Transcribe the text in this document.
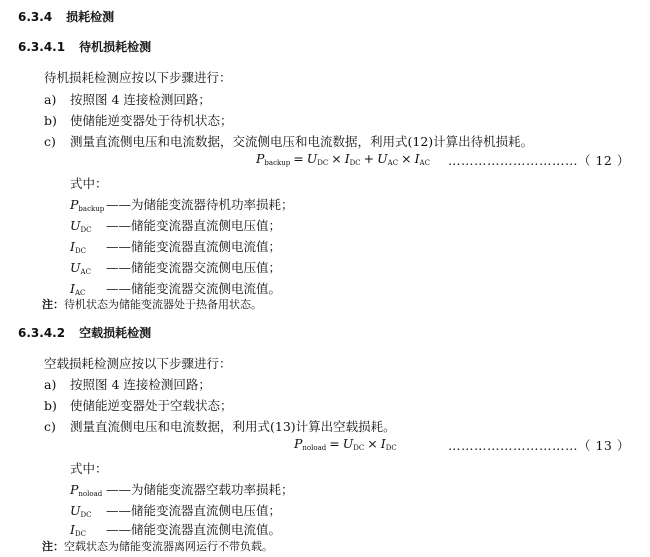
6.3.4 损耗检测
6.3.4.1 待机损耗检测
待机损耗检测应按以下步骤进行：
a) 按照图 4 连接检测回路；
b) 使储能逆变器处于待机状态；
c) 测量直流侧电压和电流数据，交流侧电压和电流数据，利用式(12)计算出待机损耗。
$P_{backup} = U_{DC} \times I_{DC} + U_{AC} \times I_{AC}$ …………………………（ 12 ）
式中：
$P_{backup}$ ——为储能变流器待机功率损耗；
$U_{DC}$ ——储能变流器直流侧电压值；
$I_{DC}$ ——储能变流器直流侧电流值；
$U_{AC}$ ——储能变流器交流侧电压值；
$I_{AC}$ ——储能变流器交流侧电流值。
注：待机状态为储能变流器处于热备用状态。
6.3.4.2 空载损耗检测
空载损耗检测应按以下步骤进行：
a) 按照图 4 连接检测回路；
b) 使储能逆变器处于空载状态；
c) 测量直流侧电压和电流数据，利用式(13)计算出空载损耗。
$P_{noload} = U_{DC} \times I_{DC}$	…………………………（ 13 ）
式中：
$P_{noload}$ ——为储能变流器空载功率损耗；
$U_{DC}$ ——储能变流器直流侧电压值；
$I_{DC}$ ——储能变流器直流侧电流值。
注：空载状态为储能变流器离网运行不带负载。
